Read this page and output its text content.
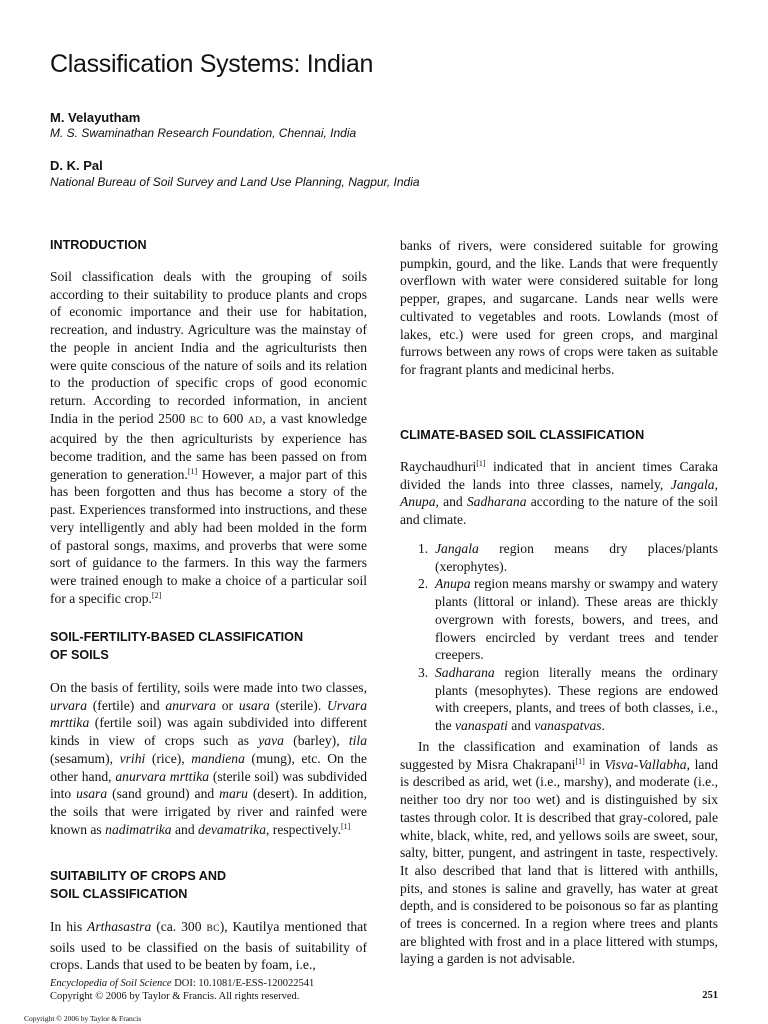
Classification Systems: Indian
M. Velayutham
M. S. Swaminathan Research Foundation, Chennai, India
D. K. Pal
National Bureau of Soil Survey and Land Use Planning, Nagpur, India
INTRODUCTION

Soil classification deals with the grouping of soils according to their suitability to produce plants and crops of economic importance and their use for habitation, recreation, and industry. Agriculture was the mainstay of the people in ancient India and the agriculturists then were quite conscious of the nature of soils and its relation to the production of specific crops of good economic return. According to recorded information, in ancient India in the period 2500 BC to 600 AD, a vast knowledge acquired by the then agriculturists by experience has become tradition, and the same has been passed on from generation to generation.[1] However, a major part of this has been forgotten and thus has become a story of the past. Experiences transformed into instructions, and these very intelligently and ably had been molded in the form of pastoral songs, maxims, and proverbs that were some sort of guidance to the farmers. In this way the farmers were trained enough to make a choice of a particular soil for a specific crop.[2]

SOIL-FERTILITY-BASED CLASSIFICATION
OF SOILS

On the basis of fertility, soils were made into two classes, urvara (fertile) and anurvara or usara (sterile). Urvara mrttika (fertile soil) was again subdivided into different kinds in view of crops such as yava (barley), tila (sesamum), vrihi (rice), mandiena (mung), etc. On the other hand, anurvara mrttika (sterile soil) was subdivided into usara (sand ground) and maru (desert). In addition, the soils that were irrigated by river and rainfed were known as nadimatrika and devamatrika, respectively.[1]

SUITABILITY OF CROPS AND
SOIL CLASSIFICATION

In his Arthasastra (ca. 300 BC), Kautilya mentioned that soils used to be classified on the basis of suitability of crops. Lands that used to be beaten by foam, i.e.,

banks of rivers, were considered suitable for growing pumpkin, gourd, and the like. Lands that were frequently overflown with water were considered suitable for long pepper, grapes, and sugarcane. Lands near wells were cultivated to vegetables and roots. Lowlands (most of lakes, etc.) were used for green crops, and marginal furrows between any rows of crops were taken as suitable for fragrant plants and medicinal herbs.

CLIMATE-BASED SOIL CLASSIFICATION

Raychaudhuri[1] indicated that in ancient times Caraka divided the lands into three classes, namely, Jangala, Anupa, and Sadharana according to the nature of the soil and climate.

1. Jangala region means dry places/plants (xerophytes).
2. Anupa region means marshy or swampy and watery plants (littoral or inland). These areas are thickly overgrown with forests, bowers, and trees, and flowers encircled by verdant trees and tender creepers.
3. Sadharana region literally means the ordinary plants (mesophytes). These regions are endowed with creepers, plants, and trees of both classes, i.e., the vanaspati and vanaspatvas.

In the classification and examination of lands as suggested by Misra Chakrapani[1] in Visva-Vallabha, land is described as arid, wet (i.e., marshy), and moderate (i.e., neither too dry nor too wet) and is distinguished by six tastes through color. It is described that gray-colored, pale white, black, white, red, and yellows soils are sweet, sour, salty, bitter, pungent, and astringent in taste, respectively. It also described that land that is littered with anthills, pits, and stones is saline and gravelly, has water at great depth, and is considered to be poisonous so far as planting of trees is concerned. In a region where trees and plants are blighted with frost and in a place littered with stumps, laying a garden is not advisable.

Encyclopedia of Soil Science DOI: 10.1081/E-ESS-120022541
Copyright © 2006 by Taylor & Francis. All rights reserved.	251
Copyright © 2006 by Taylor & Francis
